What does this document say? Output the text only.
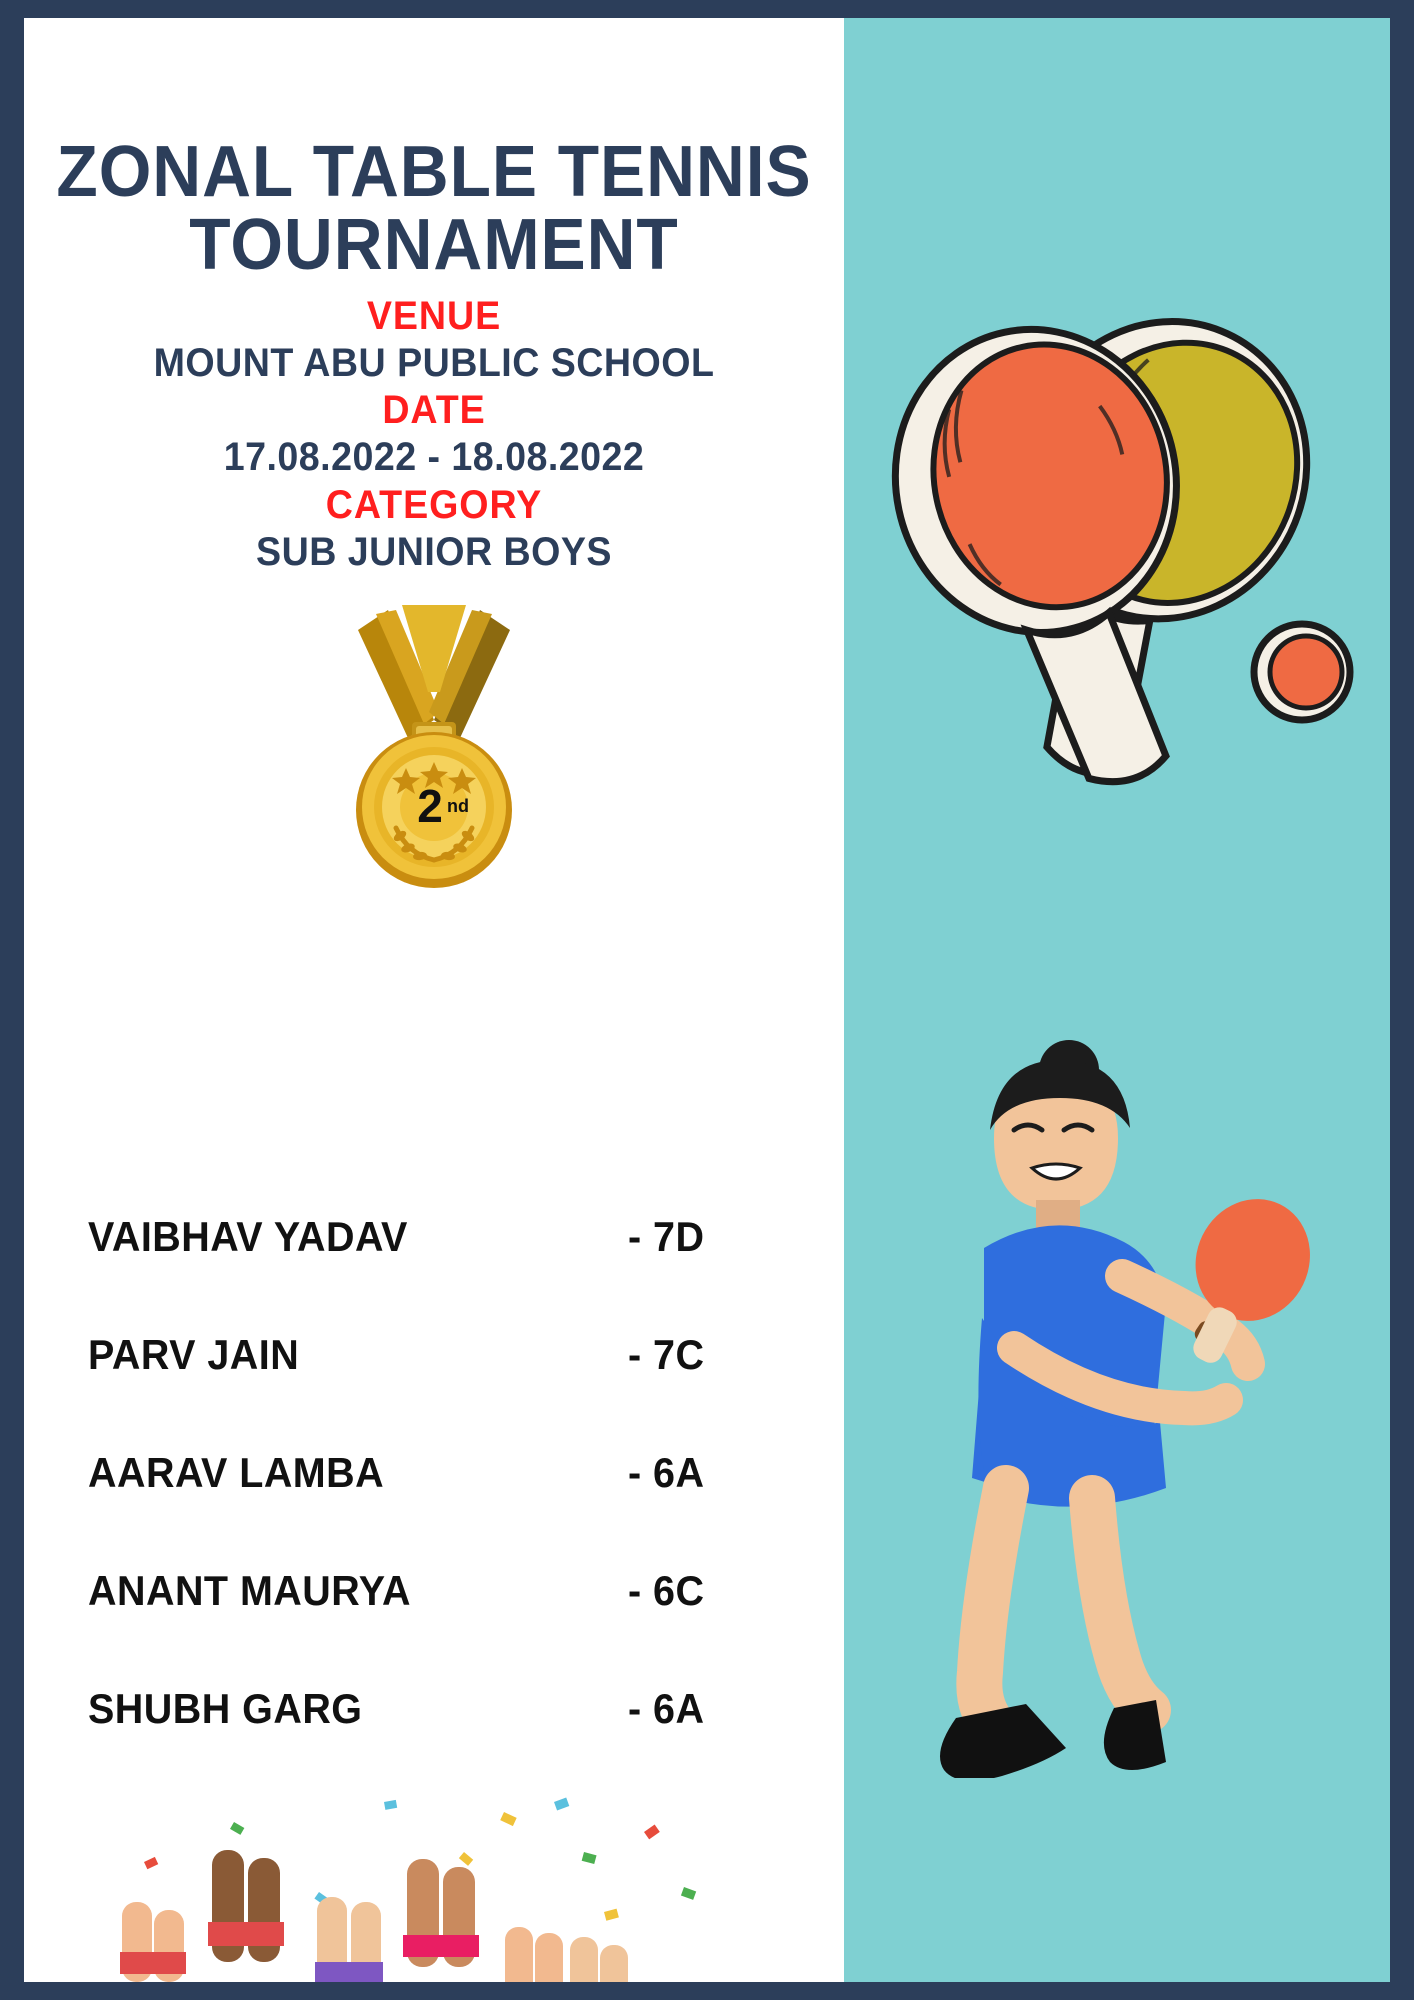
ZONAL TABLE TENNIS TOURNAMENT
VENUE
MOUNT ABU PUBLIC SCHOOL
DATE
17.08.2022 - 18.08.2022
CATEGORY
SUB JUNIOR BOYS
2 nd
VAIBHAV YADAV	- 7D
PARV JAIN	- 7C
AARAV LAMBA	- 6A
ANANT MAURYA	- 6C
SHUBH GARG	- 6A
